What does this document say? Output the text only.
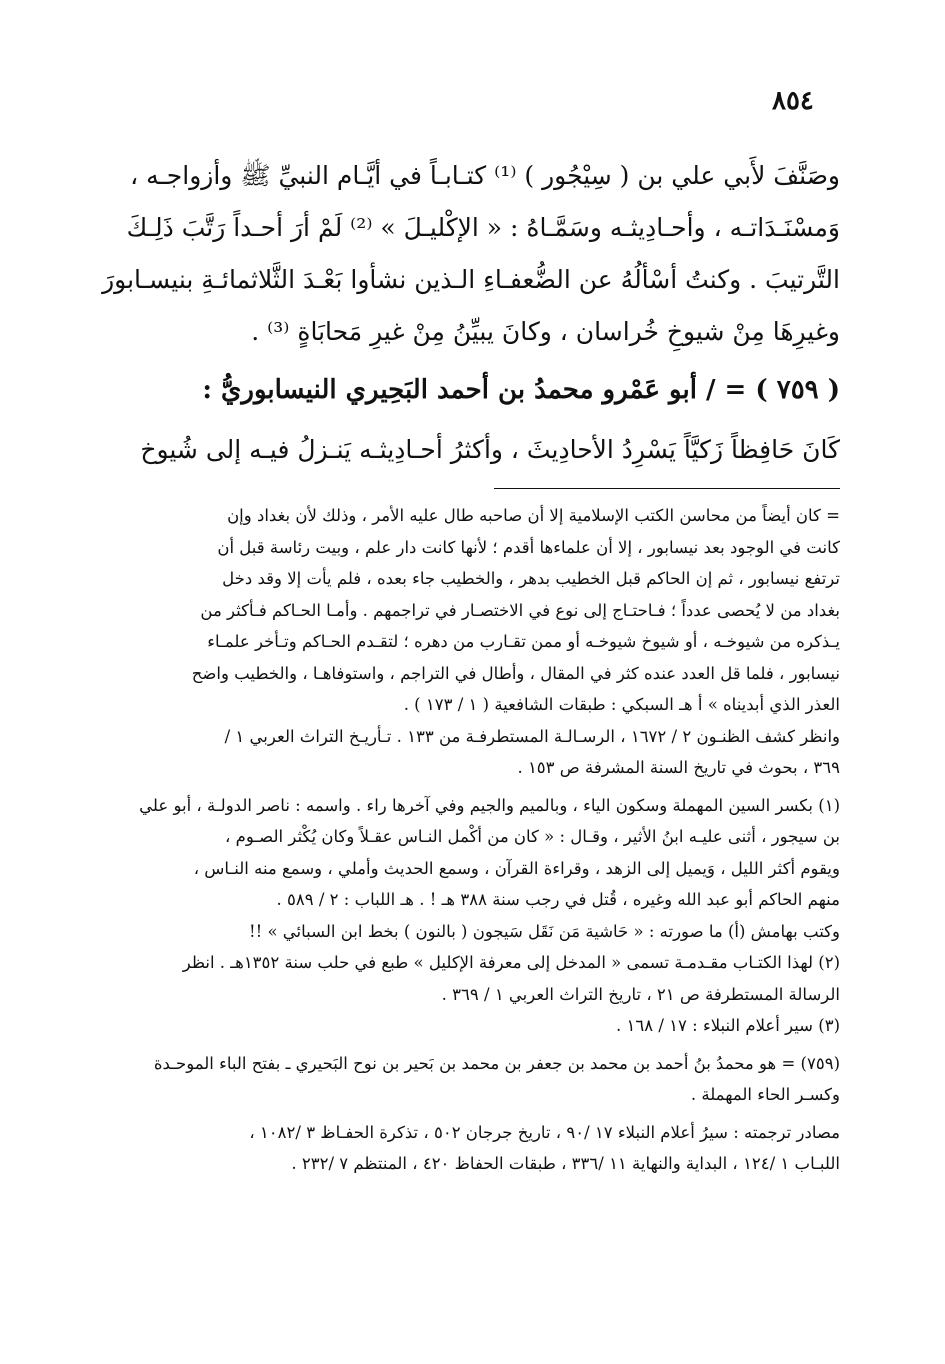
٨٥٤
وصَنَّفَ لأَبي علي بن ( سِيْجُور ) ⁽¹⁾ كتـابـاً في أيَّـام النبيِّ ﷺ وأزواجـه ،
وَمسْنَـدَاتـه ، وأحـادِيثـه وسَمَّـاهُ : « الإكْليـلَ » ⁽²⁾ لَمْ أرَ أحـداً رَتَّبَ ذَلِـكَ
التَّرتيبَ . وكنتُ أسْألُهُ عن الضُّعفـاءِ الـذين نشأوا بَعْـدَ الثَّلاثمائـةِ بنيسـابورَ
وغيرِهَا مِنْ شيوخِ خُراسان ، وكانَ يبيِّنُ مِنْ غيرِ مَحابَاةٍ ⁽³⁾ .
( ٧٥٩ ) = / أبو عَمْرو محمدُ بن أحمد البَحِيري النيسابوريُّ :
كَانَ حَافِظاً زَكيَّاً يَسْرِدُ الأحادِيثَ ، وأكثرُ أحـادِيثـه يَنـزلُ فيـه إلى شُيوخ
= كان أيضاً من محاسن الكتب الإسلامية إلا أن صاحبه طال عليه الأمر ، وذلك لأن بغداد وإن
كانت في الوجود بعد نيسابور ، إلا أن علماءها أقدم ؛ لأنها كانت دار علم ، وبيت رئاسة قبل أن
ترتفع نيسابور ، ثم إن الحاكم قبل الخطيب بدهر ، والخطيب جاء بعده ، فلم يأت إلا وقد دخل
بغداد من لا يُحصى عدداً ؛ فـاحتـاج إلى نوع في الاختصـار في تراجمهم . وأمـا الحـاكم فـأكثر من
يـذكره من شيوخـه ، أو شيوخ شيوخـه أو ممن تقـارب من دهره ؛ لتقـدم الحـاكم وتـأخر علمـاء
نيسابور ، فلما قل العدد عنده كثر في المقال ، وأطال في التراجم ، واستوفاهـا ، والخطيب واضح
العذر الذي أبديناه » أ هـ السبكي : طبقات الشافعية ( ١ / ١٧٣ ) .
وانظر كشف الظنـون ٢ / ١٦٧٢ ، الرسـالـة المستطرفـة من ١٣٣ . تـأريـخ التراث العربي ١ /
٣٦٩ ، بحوث في تاريخ السنة المشرفة ص ١٥٣ .
(١) بكسر السين المهملة وسكون الياء ، وبالميم والجيم وفي آخرها راء . واسمه : ناصر الدولـة ، أبو علي
بن سيجور ، أثنى عليـه ابنُ الأثير ، وقـال : « كان من أكْمل النـاس عقـلاً وكان يُكْثر الصـوم ،
ويقوم أكثر الليل ، وَيميل إلى الزهد ، وقراءة القرآن ، وسمع الحديث وأملي ، وسمع منه النـاس ،
منهم الحاكم أبو عبد الله وغيره ، قُتل في رجب سنة ٣٨٨ هـ ! . هـ اللباب : ٢ / ٥٨٩ .
وكتب بهامش (أ) ما صورته : « حَاشية مَن نَقَل سَيجون ( بالنون ) بخط ابن السبائي » !!
(٢) لهذا الكتـاب مقـدمـة تسمى « المدخل إلى معرفة الإكليل » طبع في حلب سنة ١٣٥٢هـ . انظر
الرسالة المستطرفة ص ٢١ ، تاريخ التراث العربي ١ / ٣٦٩ .
(٣) سير أعلام النبلاء : ١٧ / ١٦٨ .
(٧٥٩) = هو محمدُ بنُ أحمد بن محمد بن جعفر بن محمد بن بَحير بن نوح البَحيري ـ بفتح الباء الموحـدة
وكسـر الحاء المهملة .
مصادر ترجمته : سيرُ أعلام النبلاء ١٧ /٩٠ ، تاريخ جرجان ٥٠٢ ، تذكرة الحفـاظ ٣ /١٠٨٢ ،
اللبـاب ١ /١٢٤ ، البداية والنهاية ١١ /٣٣٦ ، طبقات الحفاظ ٤٢٠ ، المنتظم ٧ /٢٣٢ .
